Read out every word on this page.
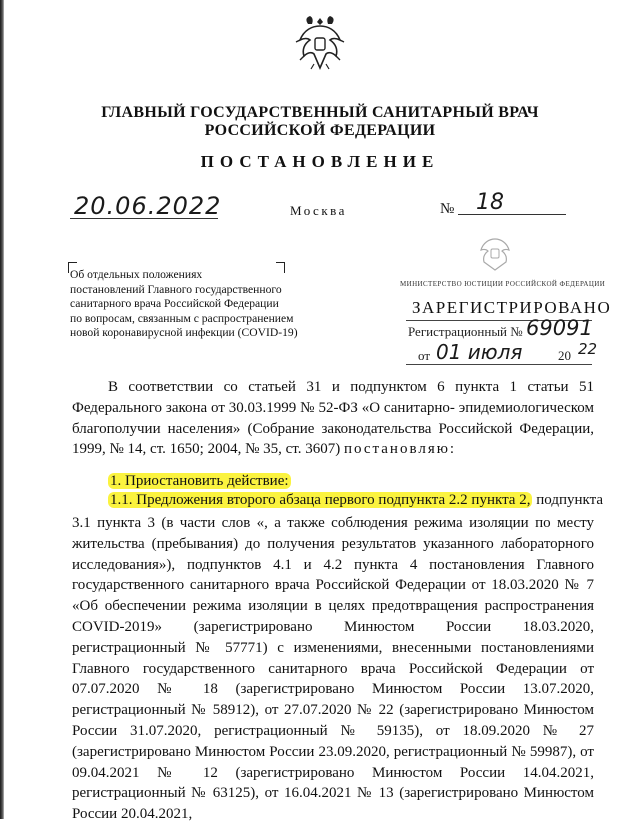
ГЛАВНЫЙ ГОСУДАРСТВЕННЫЙ САНИТАРНЫЙ ВРАЧ
РОССИЙСКОЙ ФЕДЕРАЦИИ
ПОСТАНОВЛЕНИЕ
20.06.2022	Москва	№ 18
Об отдельных положениях
постановлений Главного государственного
санитарного врача Российской Федерации
по вопросам, связанным с распространением
новой коронавирусной инфекции (COVID-19)
МИНИСТЕРСТВО ЮСТИЦИИ РОССИЙСКОЙ ФЕДЕРАЦИИ
ЗАРЕГИСТРИРОВАНО
Регистрационный № 69091
от 01 июля	20 22
В соответствии со статьей 31 и подпунктом 6 пункта 1 статьи 51 Федерального закона от 30.03.1999 № 52-ФЗ «О санитарно- эпидемиологическом благополучии населения» (Собрание законодательства Российской Федерации, 1999, № 14, ст. 1650; 2004, № 35, ст. 3607) постановляю:
1. Приостановить действие:
1.1. Предложения второго абзаца первого подпункта 2.2 пункта 2, подпункта
3.1 пункта 3 (в части слов «, а также соблюдения режима изоляции по месту жительства (пребывания) до получения результатов указанного лабораторного исследования»), подпунктов 4.1 и 4.2 пункта 4 постановления Главного государственного санитарного врача Российской Федерации от 18.03.2020 № 7 «Об обеспечении режима изоляции в целях предотвращения распространения COVID-2019» (зарегистрировано Минюстом России 18.03.2020, регистрационный № 57771) с изменениями, внесенными постановлениями Главного государственного санитарного врача Российской Федерации от 07.07.2020 № 18 (зарегистрировано Минюстом России 13.07.2020, регистрационный № 58912), от 27.07.2020 № 22 (зарегистрировано Минюстом России 31.07.2020, регистрационный № 59135), от 18.09.2020 № 27 (зарегистрировано Минюстом России 23.09.2020, регистрационный № 59987), от 09.04.2021 № 12 (зарегистрировано Минюстом России 14.04.2021, регистрационный № 63125), от 16.04.2021 № 13 (зарегистрировано Минюстом России 20.04.2021,
